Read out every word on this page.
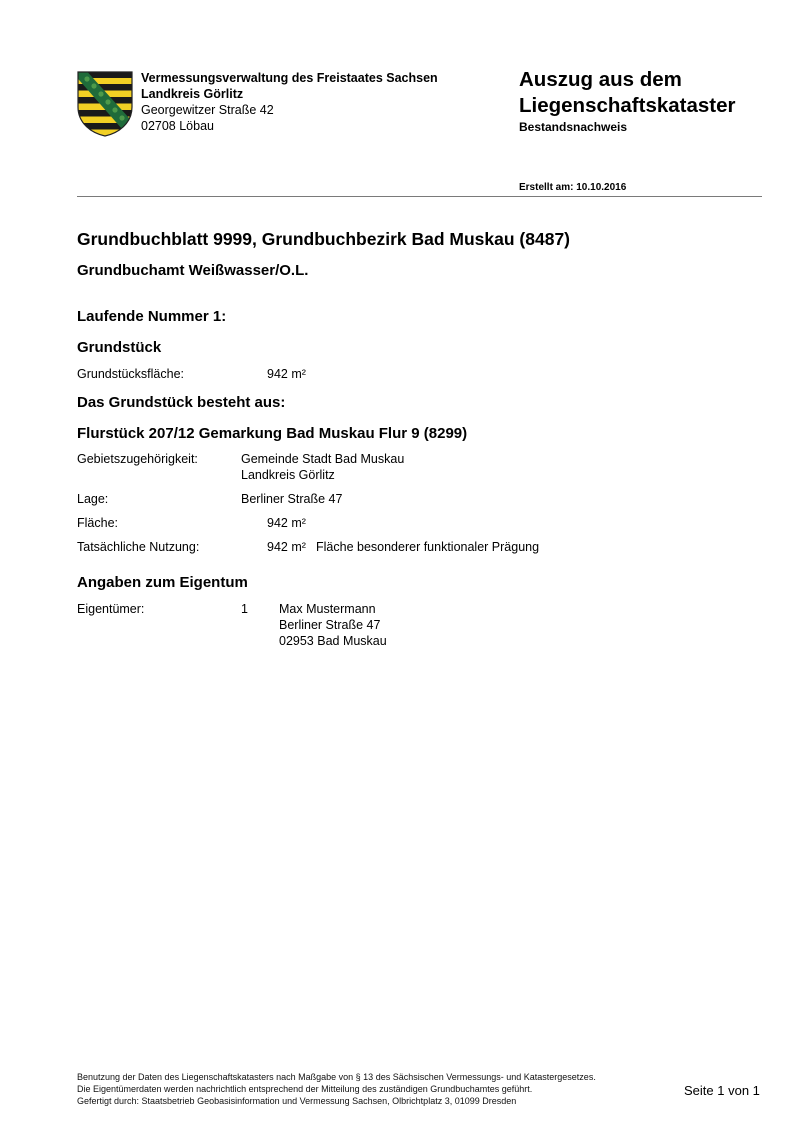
Vermessungsverwaltung des Freistaates Sachsen
Landkreis Görlitz
Georgewitzer Straße 42
02708 Löbau
Auszug aus dem
Liegenschaftskataster
Bestandsnachweis
Erstellt am: 10.10.2016
Grundbuchblatt 9999, Grundbuchbezirk Bad Muskau (8487)
Grundbuchamt Weißwasser/O.L.
Laufende Nummer 1:
Grundstück
Grundstücksfläche:	942 m²
Das Grundstück besteht aus:
Flurstück 207/12 Gemarkung Bad Muskau Flur 9 (8299)
Gebietszugehörigkeit:	Gemeinde Stadt Bad Muskau
Landkreis Görlitz
Lage:	Berliner Straße 47
Fläche:	942 m²
Tatsächliche Nutzung:	942 m² Fläche besonderer funktionaler Prägung
Angaben zum Eigentum
Eigentümer:	1 Max Mustermann
Berliner Straße 47
02953 Bad Muskau
Benutzung der Daten des Liegenschaftskatasters nach Maßgabe von § 13 des Sächsischen Vermessungs- und Katastergesetzes.
Die Eigentümerdaten werden nachrichtlich entsprechend der Mitteilung des zuständigen Grundbuchamtes geführt.
Gefertigt durch: Staatsbetrieb Geobasisinformation und Vermessung Sachsen, Olbrichtplatz 3, 01099 Dresden
Seite 1 von 1
